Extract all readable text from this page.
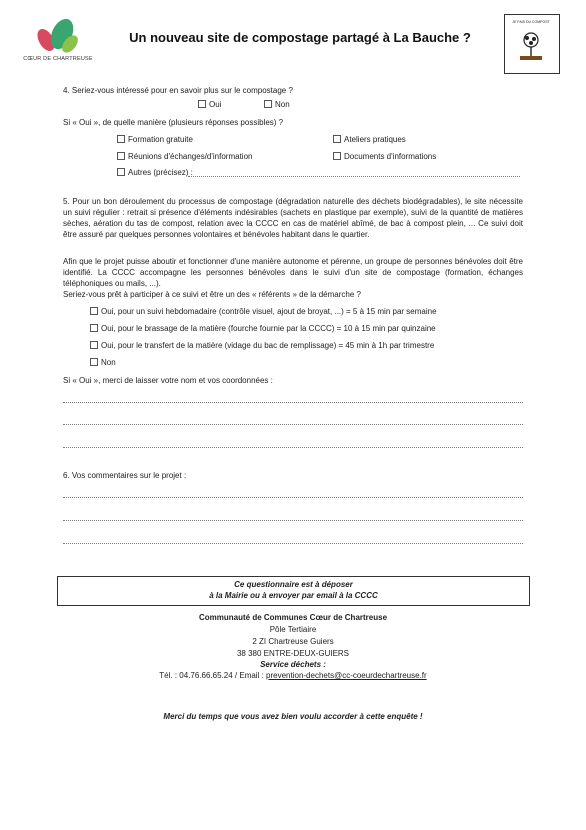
CŒUR DE CHARTREUSE
Un nouveau site de compostage partagé à La Bauche ?
JE FAIS DU COMPOST
4. Seriez-vous intéressé pour en savoir plus sur le compostage ?
Oui	Non
Si « Oui », de quelle manière (plusieurs réponses possibles) ?
Formation gratuite	Ateliers pratiques
Réunions d'échanges/d'information	Documents d'informations
Autres (précisez) :
5. Pour un bon déroulement du processus de compostage (dégradation naturelle des déchets biodégradables), le site nécessite un suivi régulier : retrait si présence d'éléments indésirables (sachets en plastique par exemple), suivi de la quantité de matières sèches, aération du tas de compost, relation avec la CCCC en cas de matériel abîmé, de bac à compost plein, ... Ce suivi doit être assuré par quelques personnes volontaires et bénévoles habitant dans le quartier.
Afin que le projet puisse aboutir et fonctionner d'une manière autonome et pérenne, un groupe de personnes bénévoles doit être identifié. La CCCC accompagne les personnes bénévoles dans le suivi d'un site de compostage (formation, échanges téléphoniques ou mails, ...).
Seriez-vous prêt à participer à ce suivi et être un des « référents » de la démarche ?
Oui, pour un suivi hebdomadaire (contrôle visuel, ajout de broyat, ...) = 5 à 15 min par semaine
Oui, pour le brassage de la matière (fourche fournie par la CCCC) = 10 à 15 min par quinzaine
Oui, pour le transfert de la matière (vidage du bac de remplissage) = 45 min à 1h par trimestre
Non
Si « Oui », merci de laisser votre nom et vos coordonnées :
6. Vos commentaires sur le projet :
Ce questionnaire est à déposer
à la Mairie ou à envoyer par email à la CCCC
Communauté de Communes Cœur de Chartreuse
Pôle Tertiaire
2 ZI Chartreuse Guiers
38 380 ENTRE-DEUX-GUIERS
Service déchets :
Tél. : 04.76.66.65.24 / Email : prevention-dechets@cc-coeurdechartreuse.fr
Merci du temps que vous avez bien voulu accorder à cette enquête !
